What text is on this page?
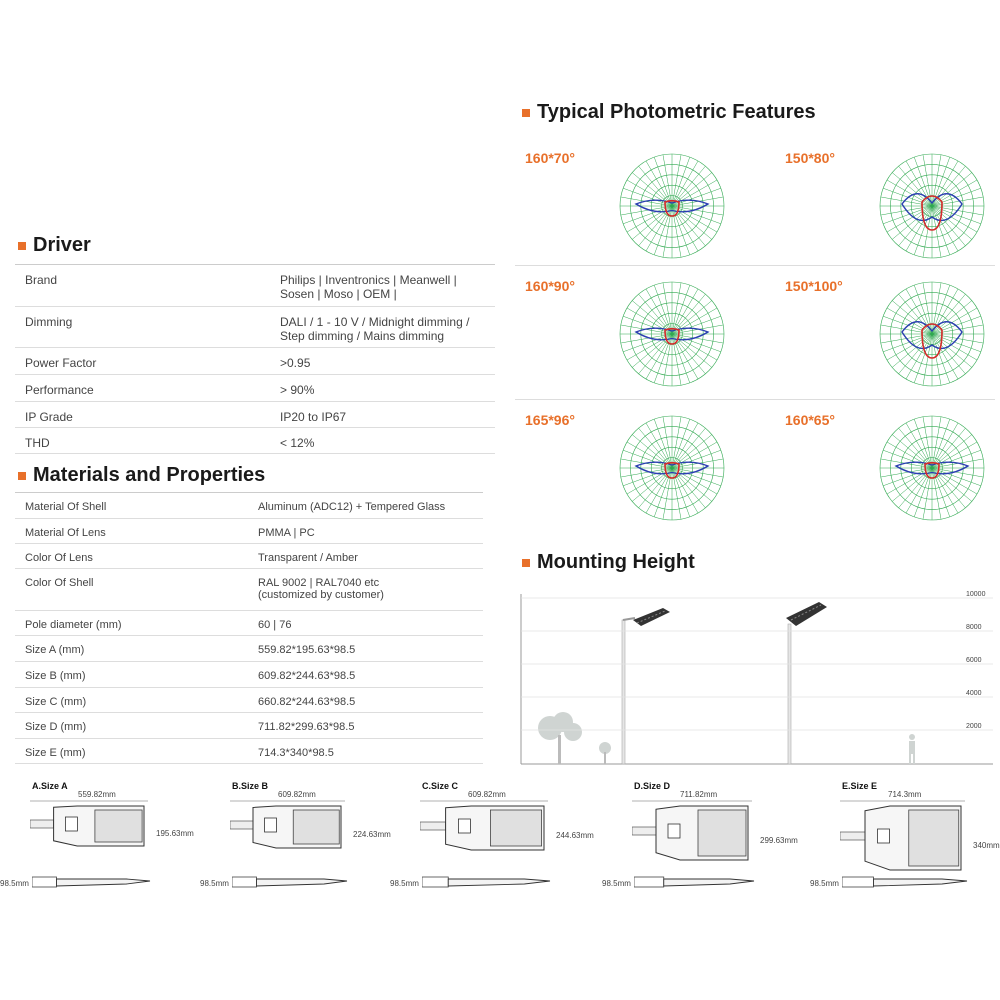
Driver
Brand	Philips | Inventronics | Meanwell |
Sosen | Moso | OEM |

Dimming	DALI / 1 - 10 V / Midnight dimming /
Step dimming / Mains dimming

Power Factor	>0.95

Performance	> 90%

IP Grade	IP20 to IP67

THD	< 12%
Materials and Properties
Material Of Shell	Aluminum (ADC12) + Tempered Glass

Material Of Lens	PMMA | PC

Color Of Lens	Transparent / Amber

Color Of Shell	RAL 9002 | RAL7040 etc
(customized by customer)

Pole diameter (mm)	60 | 76

Size A (mm)	559.82*195.63*98.5

Size B (mm)	609.82*244.63*98.5

Size C (mm)	660.82*244.63*98.5

Size D (mm)	711.82*299.63*98.5

Size E (mm)	714.3*340*98.5
Typical Photometric Features
160*70°	150*80°
160*90°	150*100°
165*96°	160*65°
Mounting Height
10000
8000
6000
4000
2000
A.Size A
559.82mm
195.63mm
98.5mm
B.Size B
609.82mm
224.63mm
98.5mm
C.Size C
609.82mm
244.63mm
98.5mm
D.Size D
711.82mm
299.63mm
98.5mm
E.Size E
714.3mm
340mm
98.5mm
